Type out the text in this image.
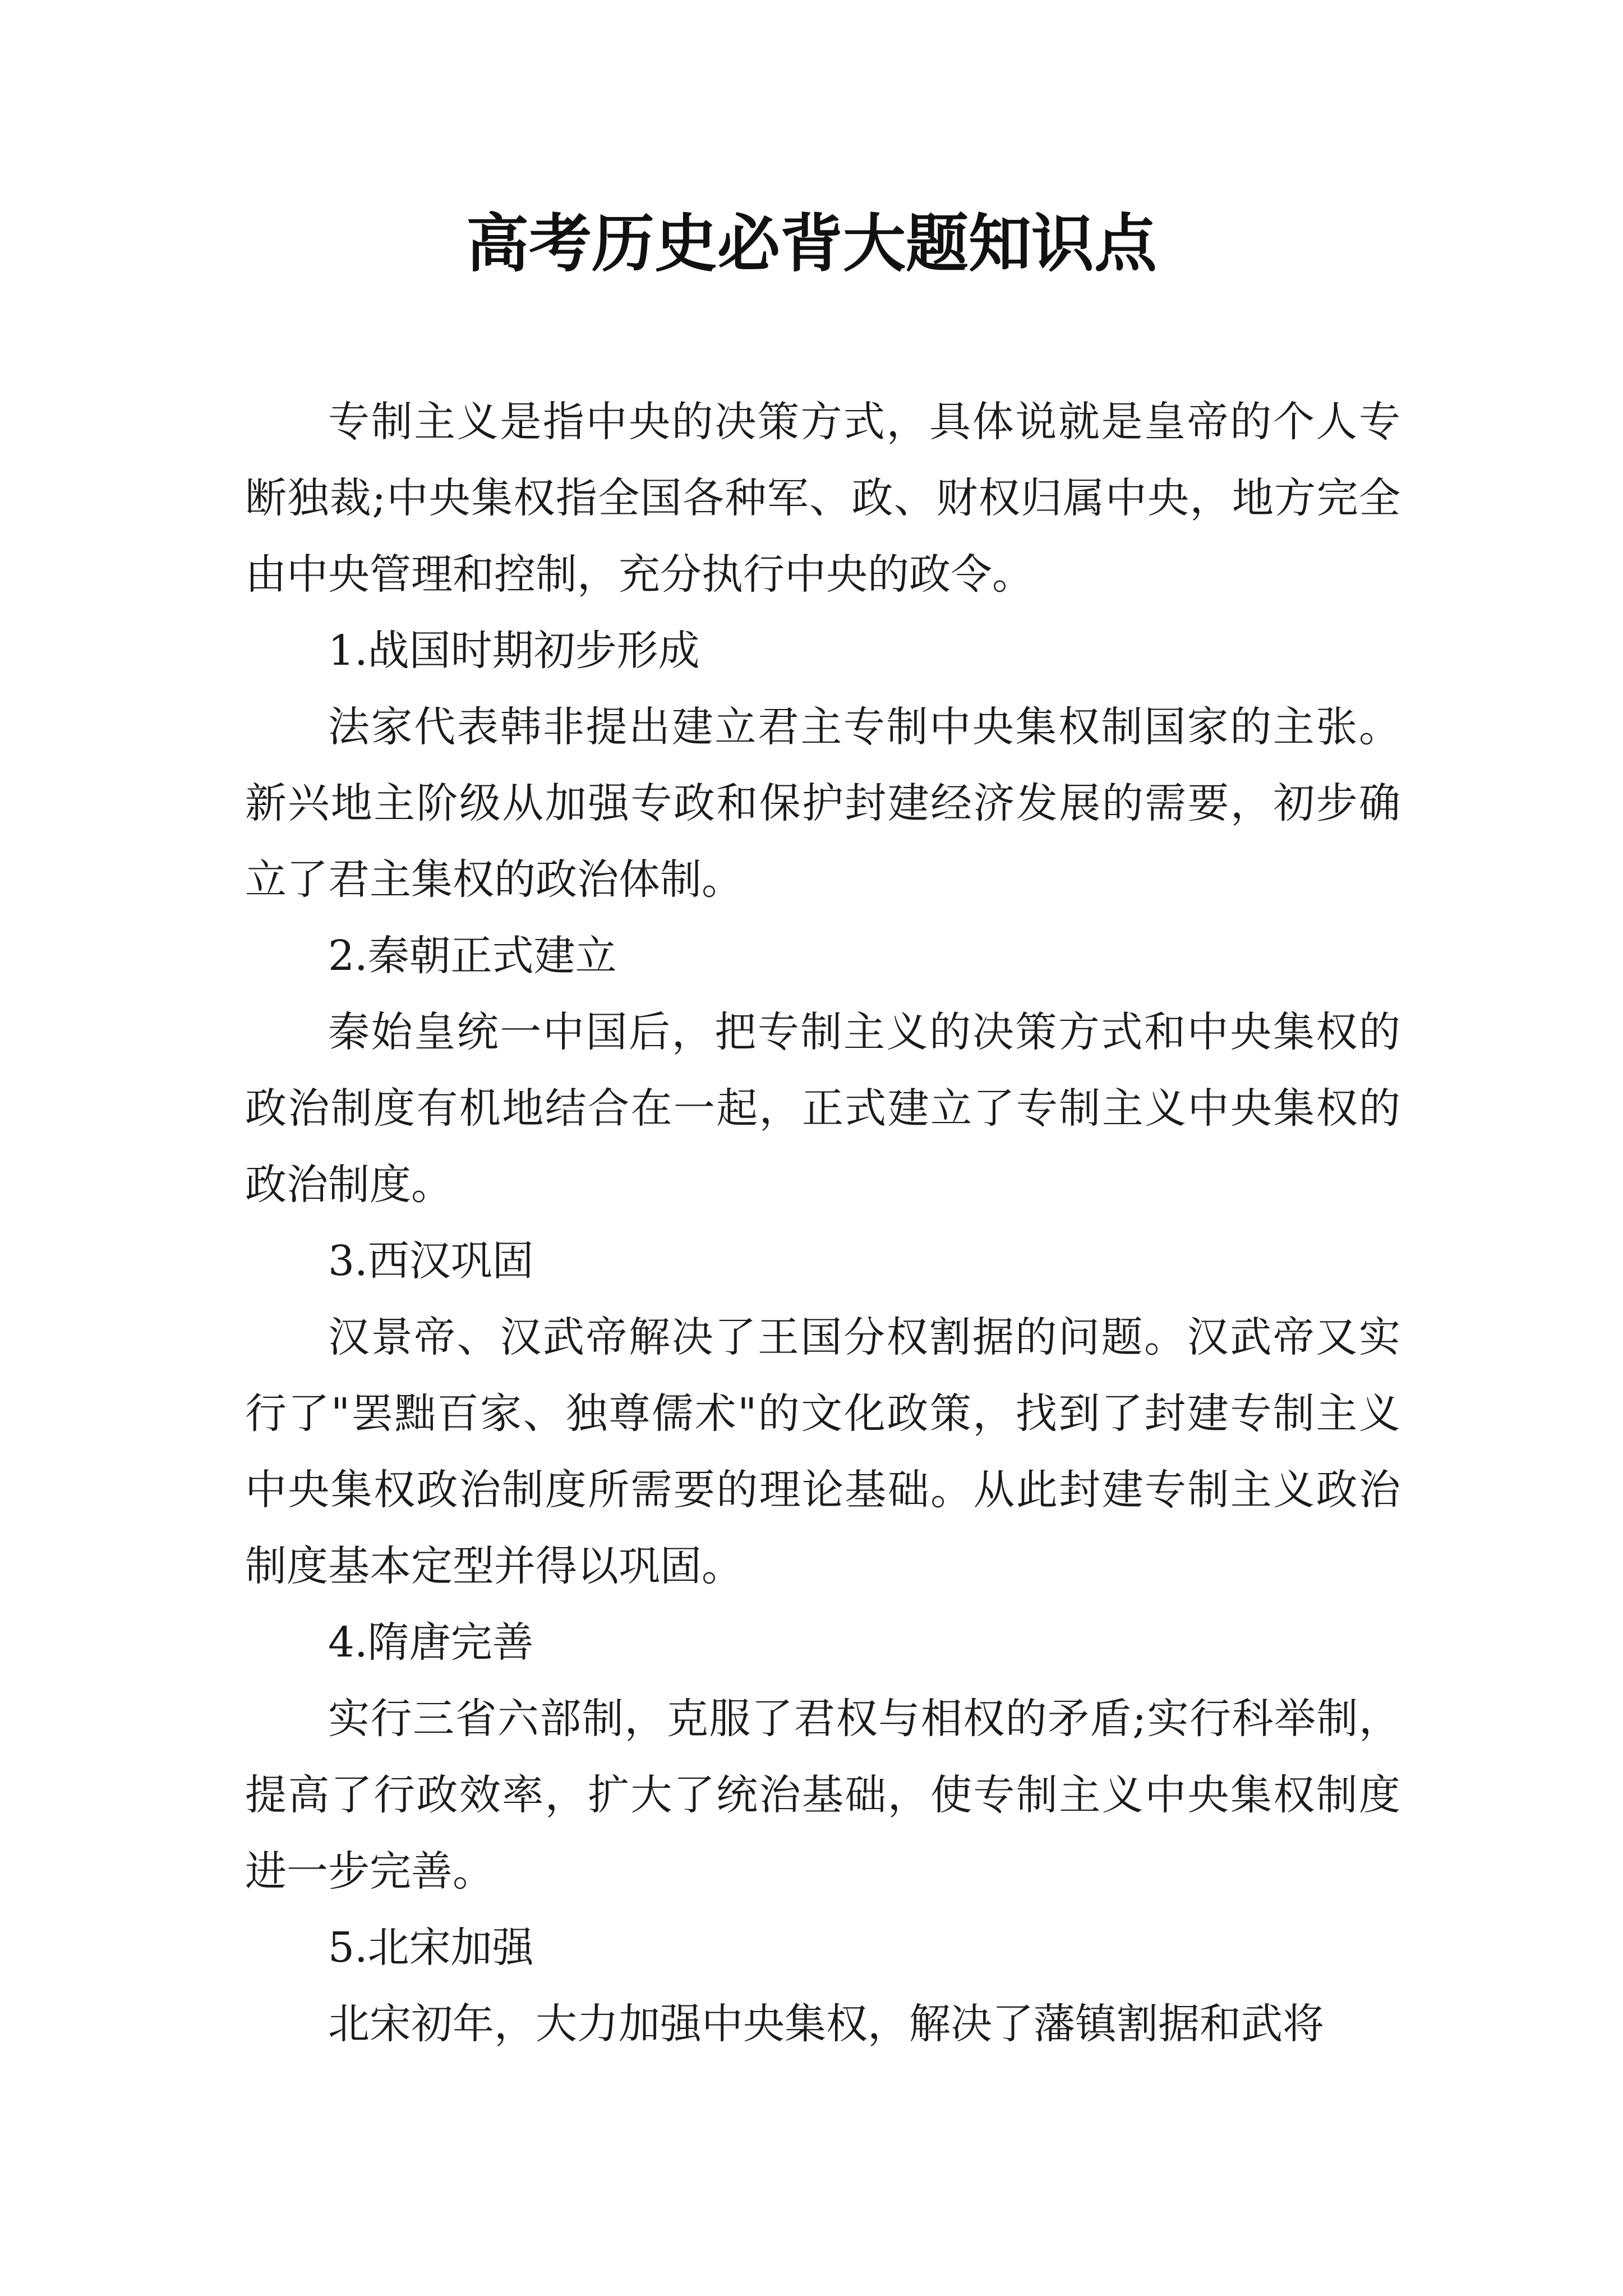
高考历史必背大题知识点

专制主义是指中央的决策方式，具体说就是皇帝的个人专断独裁;中央集权指全国各种军、政、财权归属中央，地方完全由中央管理和控制，充分执行中央的政令。

1.战国时期初步形成

法家代表韩非提出建立君主专制中央集权制国家的主张。新兴地主阶级从加强专政和保护封建经济发展的需要，初步确立了君主集权的政治体制。

2.秦朝正式建立

秦始皇统一中国后，把专制主义的决策方式和中央集权的政治制度有机地结合在一起，正式建立了专制主义中央集权的政治制度。

3.西汉巩固

汉景帝、汉武帝解决了王国分权割据的问题。汉武帝又实行了"罢黜百家、独尊儒术"的文化政策，找到了封建专制主义中央集权政治制度所需要的理论基础。从此封建专制主义政治制度基本定型并得以巩固。

4.隋唐完善

实行三省六部制，克服了君权与相权的矛盾;实行科举制，提高了行政效率，扩大了统治基础，使专制主义中央集权制度进一步完善。

5.北宋加强

北宋初年，大力加强中央集权，解决了藩镇割据和武将
